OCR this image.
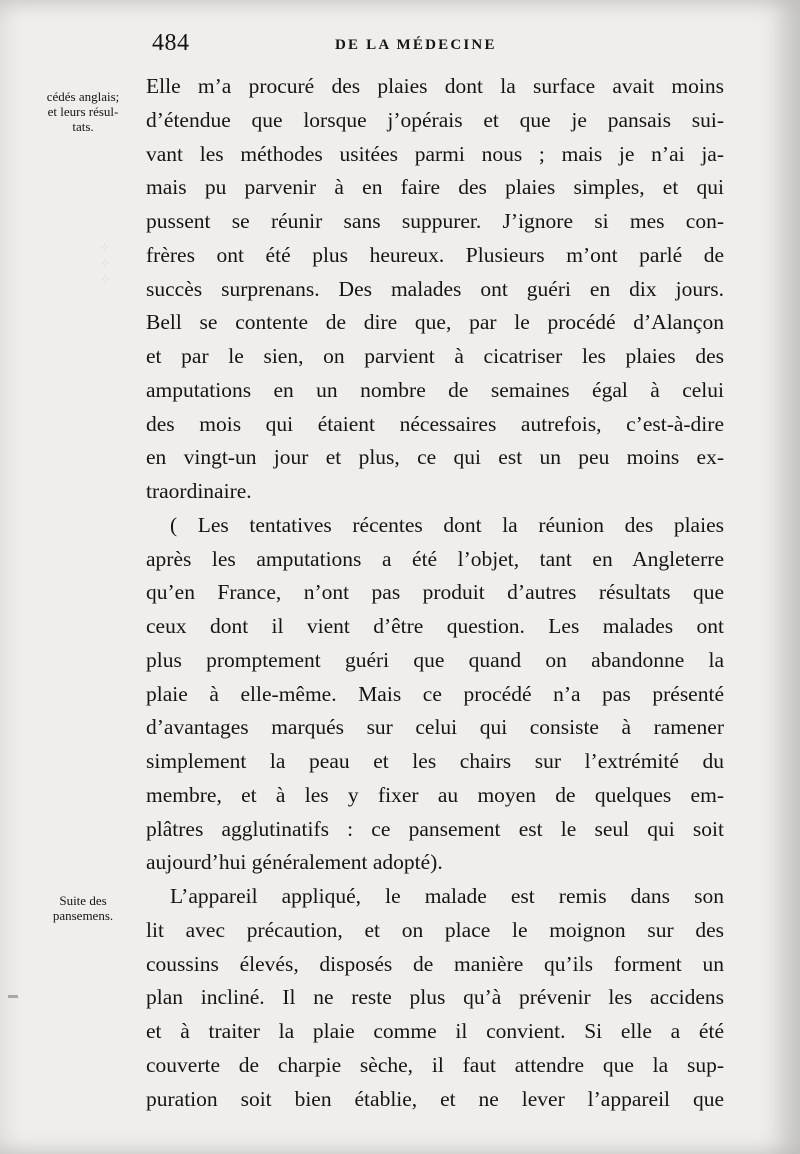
⁘
⁘
⁘
484	DE LA MÉDECINE
cédés anglais;
et leurs résul-
tats.
Suite des
pansemens.
Elle m’a procuré des plaies dont la surface avait moins
d’étendue que lorsque j’opérais et que je pansais sui-
vant les méthodes usitées parmi nous ; mais je n’ai ja-
mais pu parvenir à en faire des plaies simples, et qui
pussent se réunir sans suppurer. J’ignore si mes con-
frères ont été plus heureux. Plusieurs m’ont parlé de
succès surprenans. Des malades ont guéri en dix jours.
Bell se contente de dire que, par le procédé d’Alançon
et par le sien, on parvient à cicatriser les plaies des
amputations en un nombre de semaines égal à celui
des mois qui étaient nécessaires autrefois, c’est-à-dire
en vingt-un jour et plus, ce qui est un peu moins ex-
traordinaire.
( Les tentatives récentes dont la réunion des plaies
après les amputations a été l’objet, tant en Angleterre
qu’en France, n’ont pas produit d’autres résultats que
ceux dont il vient d’être question. Les malades ont
plus promptement guéri que quand on abandonne la
plaie à elle-même. Mais ce procédé n’a pas présenté
d’avantages marqués sur celui qui consiste à ramener
simplement la peau et les chairs sur l’extrémité du
membre, et à les y fixer au moyen de quelques em-
plâtres agglutinatifs : ce pansement est le seul qui soit
aujourd’hui généralement adopté).
L’appareil appliqué, le malade est remis dans son
lit avec précaution, et on place le moignon sur des
coussins élevés, disposés de manière qu’ils forment un
plan incliné. Il ne reste plus qu’à prévenir les accidens
et à traiter la plaie comme il convient. Si elle a été
couverte de charpie sèche, il faut attendre que la sup-
puration soit bien établie, et ne lever l’appareil que
